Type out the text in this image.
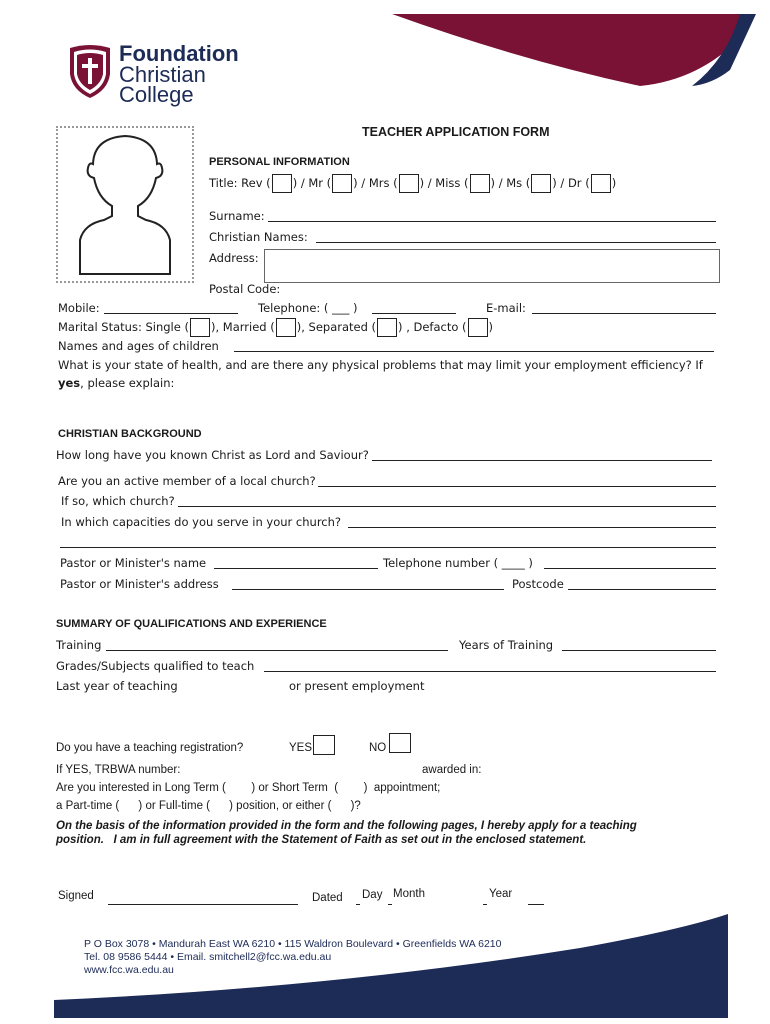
Foundation
Christian
College
TEACHER APPLICATION FORM
PERSONAL INFORMATION
Title: Rev ( ) / Mr ( ) / Mrs ( ) / Miss ( ) / Ms ( ) / Dr ( )
Surname:
Christian Names:
Address:
Postal Code:
Mobile:	Telephone: ( ___ )	E-mail:
Marital Status: Single ( ), Married ( ), Separated ( ) , Defacto ( )
Names and ages of children
What is your state of health, and are there any physical problems that may limit your employment efficiency? If
yes, please explain:
CHRISTIAN BACKGROUND
How long have you known Christ as Lord and Saviour?
Are you an active member of a local church?
If so, which church?
In which capacities do you serve in your church?
Pastor or Minister's name	Telephone number ( ____ )
Pastor or Minister's address	Postcode
SUMMARY OF QUALIFICATIONS AND EXPERIENCE
Training	Years of Training
Grades/Subjects qualified to teach
Last year of teaching	or present employment
Do you have a teaching registration?	YES	NO
If YES, TRBWA number:	awarded in:
Are you interested in Long Term (        ) or Short Term  (        )  appointment;
a Part-time (      ) or Full-time (      ) position, or either (      )?
On the basis of the information provided in the form and the following pages, I hereby apply for a teaching
position.   I am in full agreement with the Statement of Faith as set out in the enclosed statement.
Signed	Dated Day Month	Year
P O Box 3078 • Mandurah East WA 6210 • 115 Waldron Boulevard • Greenfields WA 6210
Tel. 08 9586 5444 • Email. smitchell2@fcc.wa.edu.au
www.fcc.wa.edu.au
